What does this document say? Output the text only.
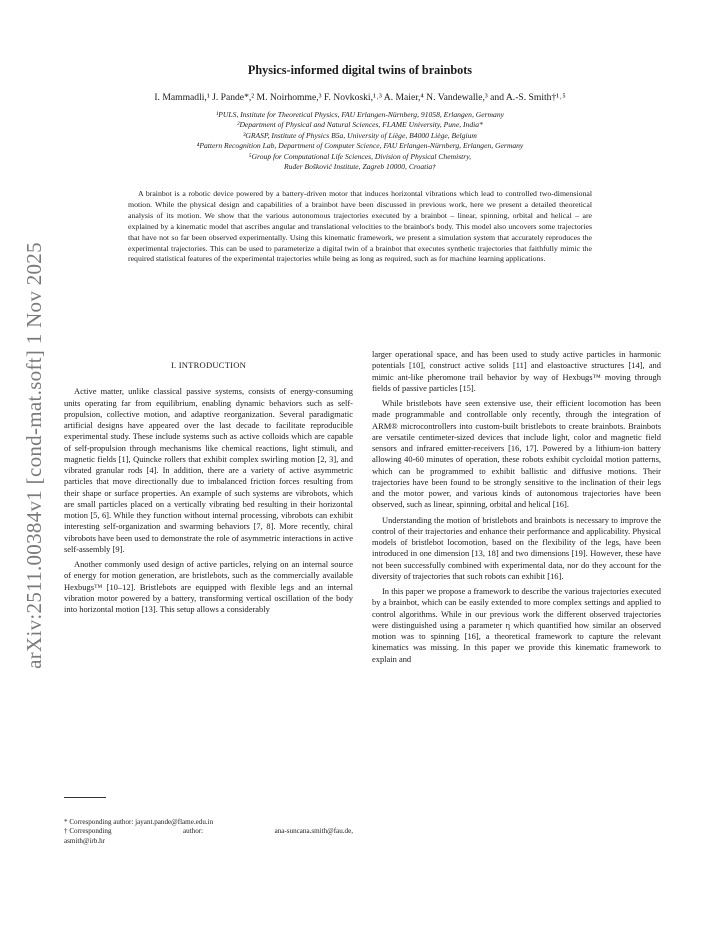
arXiv:2511.00384v1 [cond-mat.soft] 1 Nov 2025
Physics-informed digital twins of brainbots
I. Mammadli,¹ J. Pande*,² M. Noirhomme,³ F. Novkoski,¹˒³ A. Maier,⁴ N. Vandewalle,³ and A.-S. Smith†¹˒⁵
¹PULS, Institute for Theoretical Physics, FAU Erlangen-Nürnberg, 91058, Erlangen, Germany
²Department of Physical and Natural Sciences, FLAME University, Pune, India*
³GRASP, Institute of Physics B5a, University of Liège, B4000 Liège, Belgium
⁴Pattern Recognition Lab, Department of Computer Science, FAU Erlangen-Nürnberg, Erlangen, Germany
⁵Group for Computational Life Sciences, Division of Physical Chemistry,
Ruđer Bošković Institute, Zagreb 10000, Croatia†
A brainbot is a robotic device powered by a battery-driven motor that induces horizontal vibrations which lead to controlled two-dimensional motion. While the physical design and capabilities of a brainbot have been discussed in previous work, here we present a detailed theoretical analysis of its motion. We show that the various autonomous trajectories executed by a brainbot – linear, spinning, orbital and helical – are explained by a kinematic model that ascribes angular and translational velocities to the brainbot's body. This model also uncovers some trajectories that have not so far been observed experimentally. Using this kinematic framework, we present a simulation system that accurately reproduces the experimental trajectories. This can be used to parameterize a digital twin of a brainbot that executes synthetic trajectories that faithfully mimic the required statistical features of the experimental trajectories while being as long as required, such as for machine learning applications.
I. INTRODUCTION

Active matter, unlike classical passive systems, consists of energy-consuming units operating far from equilibrium, enabling dynamic behaviors such as self-propulsion, collective motion, and adaptive reorganization. Several paradigmatic artificial designs have appeared over the last decade to facilitate reproducible experimental study. These include systems such as active colloids which are capable of self-propulsion through mechanisms like chemical reactions, light stimuli, and magnetic fields [1], Quincke rollers that exhibit complex swirling motion [2, 3], and vibrated granular rods [4]. In addition, there are a variety of active asymmetric particles that move directionally due to imbalanced friction forces resulting from their shape or surface properties. An example of such systems are vibrobots, which are small particles placed on a vertically vibrating bed resulting in their horizontal motion [5, 6]. While they function without internal processing, vibrobots can exhibit interesting self-organization and swarming behaviors [7, 8]. More recently, chiral vibrobots have been used to demonstrate the role of asymmetric interactions in active self-assembly [9].

Another commonly used design of active particles, relying on an internal source of energy for motion generation, are bristlebots, such as the commercially available Hexbugs™ [10–12]. Bristlebots are equipped with flexible legs and an internal vibration motor powered by a battery, transforming vertical oscillation of the body into horizontal motion [13]. This setup allows a considerably

larger operational space, and has been used to study active particles in harmonic potentials [10], construct active solids [11] and elastoactive structures [14], and mimic ant-like pheromone trail behavior by way of Hexbugs™ moving through fields of passive particles [15].

While bristlebots have seen extensive use, their efficient locomotion has been made programmable and controllable only recently, through the integration of ARM® microcontrollers into custom-built bristlebots to create brainbots. Brainbots are versatile centimeter-sized devices that include light, color and magnetic field sensors and infrared emitter-receivers [16, 17]. Powered by a lithium-ion battery allowing 40-60 minutes of operation, these robots exhibit cycloidal motion patterns, which can be programmed to exhibit ballistic and diffusive motions. Their trajectories have been found to be strongly sensitive to the inclination of their legs and the motor power, and various kinds of autonomous trajectories have been observed, such as linear, spinning, orbital and helical [16].

Understanding the motion of bristlebots and brainbots is necessary to improve the control of their trajectories and enhance their performance and applicability. Physical models of bristlebot locomotion, based on the flexibility of the legs, have been introduced in one dimension [13, 18] and two dimensions [19]. However, these have not been successfully combined with experimental data, nor do they account for the diversity of trajectories that such robots can exhibit [16].

In this paper we propose a framework to describe the various trajectories executed by a brainbot, which can be easily extended to more complex settings and applied to control algorithms. While in our previous work the different observed trajectories were distinguished using a parameter η which quantified how similar an observed motion was to spinning [16], a theoretical framework to capture the relevant kinematics was missing. In this paper we provide this kinematic framework to explain and

* Corresponding author: jayant.pande@flame.edu.in
† Corresponding	author:	ana-suncana.smith@fau.de,
asmith@irb.hr
